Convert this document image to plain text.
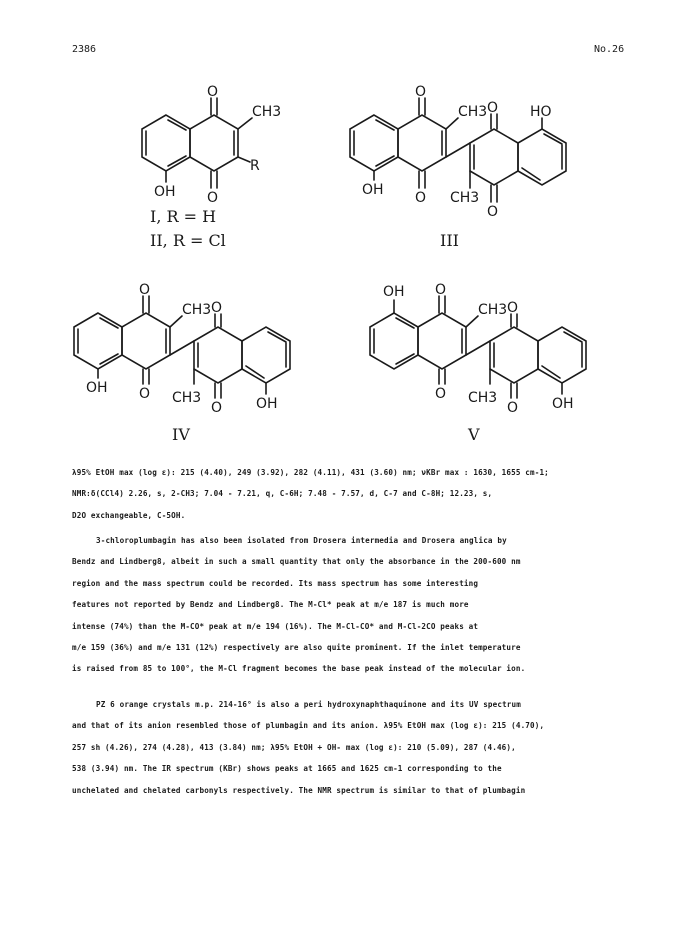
2386	No.26
O
O
CH3
R
OH
O
O
CH3
OH
O HO
CH3
O
O
O
CH3
OH
O
CH3
O OH
OH O
O
CH3 O
CH3
O OH
I, R = H
II, R = Cl	III
IV	V
λ95% EtOH max (log ε): 215 (4.40), 249 (3.92), 282 (4.11), 431 (3.60) nm; νKBr max : 1630, 1655 cm-1;
NMR:δ(CCl4) 2.26, s, 2-CH3; 7.04 - 7.21, q, C-6H; 7.48 - 7.57, d, C-7 and C-8H; 12.23, s,
D2O exchangeable, C-5OH.
3-chloroplumbagin has also been isolated from Drosera intermedia and Drosera anglica by
Bendz and Lindberg8, albeit in such a small quantity that only the absorbance in the 200-600 nm
region and the mass spectrum could be recorded. Its mass spectrum has some interesting
features not reported by Bendz and Lindberg8. The M-Cl* peak at m/e 187 is much more
intense (74%) than the M-CO* peak at m/e 194 (16%). The M-Cl-CO* and M-Cl-2CO peaks at
m/e 159 (36%) and m/e 131 (12%) respectively are also quite prominent. If the inlet temperature
is raised from 85 to 100°, the M-Cl fragment becomes the base peak instead of the molecular ion.
PZ 6 orange crystals m.p. 214-16° is also a peri hydroxynaphthaquinone and its UV spectrum
and that of its anion resembled those of plumbagin and its anion. λ95% EtOH max (log ε): 215 (4.70),
257 sh (4.26), 274 (4.28), 413 (3.84) nm; λ95% EtOH + OH- max (log ε): 210 (5.09), 287 (4.46),
538 (3.94) nm. The IR spectrum (KBr) shows peaks at 1665 and 1625 cm-1 corresponding to the
unchelated and chelated carbonyls respectively. The NMR spectrum is similar to that of plumbagin
